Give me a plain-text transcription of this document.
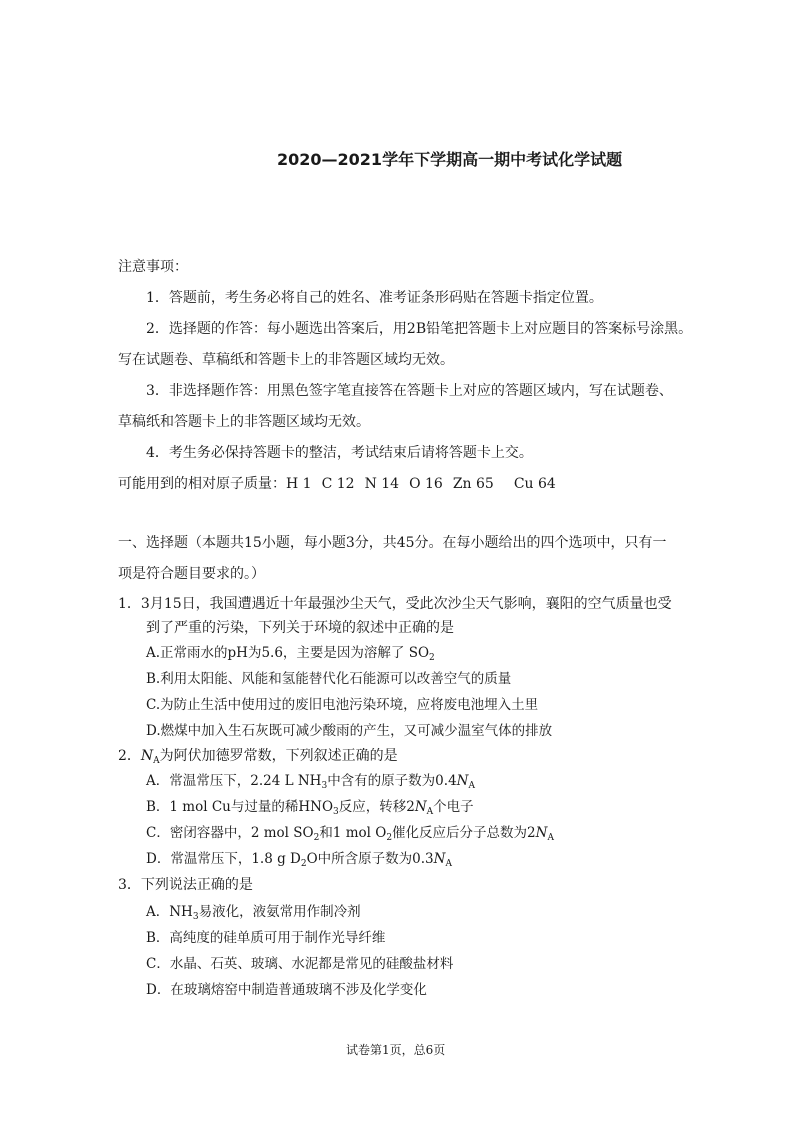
2020—2021学年下学期高一期中考试化学试题
注意事项：
1．答题前，考生务必将自己的姓名、准考证条形码贴在答题卡指定位置。
2．选择题的作答：每小题选出答案后，用2B铅笔把答题卡上对应题目的答案标号涂黑。
写在试题卷、草稿纸和答题卡上的非答题区域均无效。
3．非选择题作答：用黑色签字笔直接答在答题卡上对应的答题区域内，写在试题卷、
草稿纸和答题卡上的非答题区域均无效。
4．考生务必保持答题卡的整洁，考试结束后请将答题卡上交。
可能用到的相对原子质量：H 1 C 12 N 14 O 16 Zn 65 Cu 64
一、选择题（本题共15小题，每小题3分，共45分。在每小题给出的四个选项中，只有一
项是符合题目要求的。）
1．3月15日，我国遭遇近十年最强沙尘天气，受此次沙尘天气影响，襄阳的空气质量也受
到了严重的污染，下列关于环境的叙述中正确的是
A.正常雨水的pH为5.6，主要是因为溶解了 $SO_2$
B.利用太阳能、风能和氢能替代化石能源可以改善空气的质量
C.为防止生活中使用过的废旧电池污染环境，应将废电池埋入土里
D.燃煤中加入生石灰既可减少酸雨的产生，又可减少温室气体的排放
2．$N_A$为阿伏加德罗常数，下列叙述正确的是
A．常温常压下，2.24 L $NH_3$中含有的原子数为$0.4N_A$
B．1 mol Cu与过量的稀$HNO_3$反应，转移$2N_A$个电子
C．密闭容器中，2 mol $SO_2$和1 mol $O_2$催化反应后分子总数为$2N_A$
D．常温常压下，1.8 g $D_2O$中所含原子数为$0.3N_A$
3．下列说法正确的是
A．$NH_3$易液化，液氨常用作制冷剂
B．高纯度的硅单质可用于制作光导纤维
C．水晶、石英、玻璃、水泥都是常见的硅酸盐材料
D．在玻璃熔窑中制造普通玻璃不涉及化学变化
试卷第1页，总6页
